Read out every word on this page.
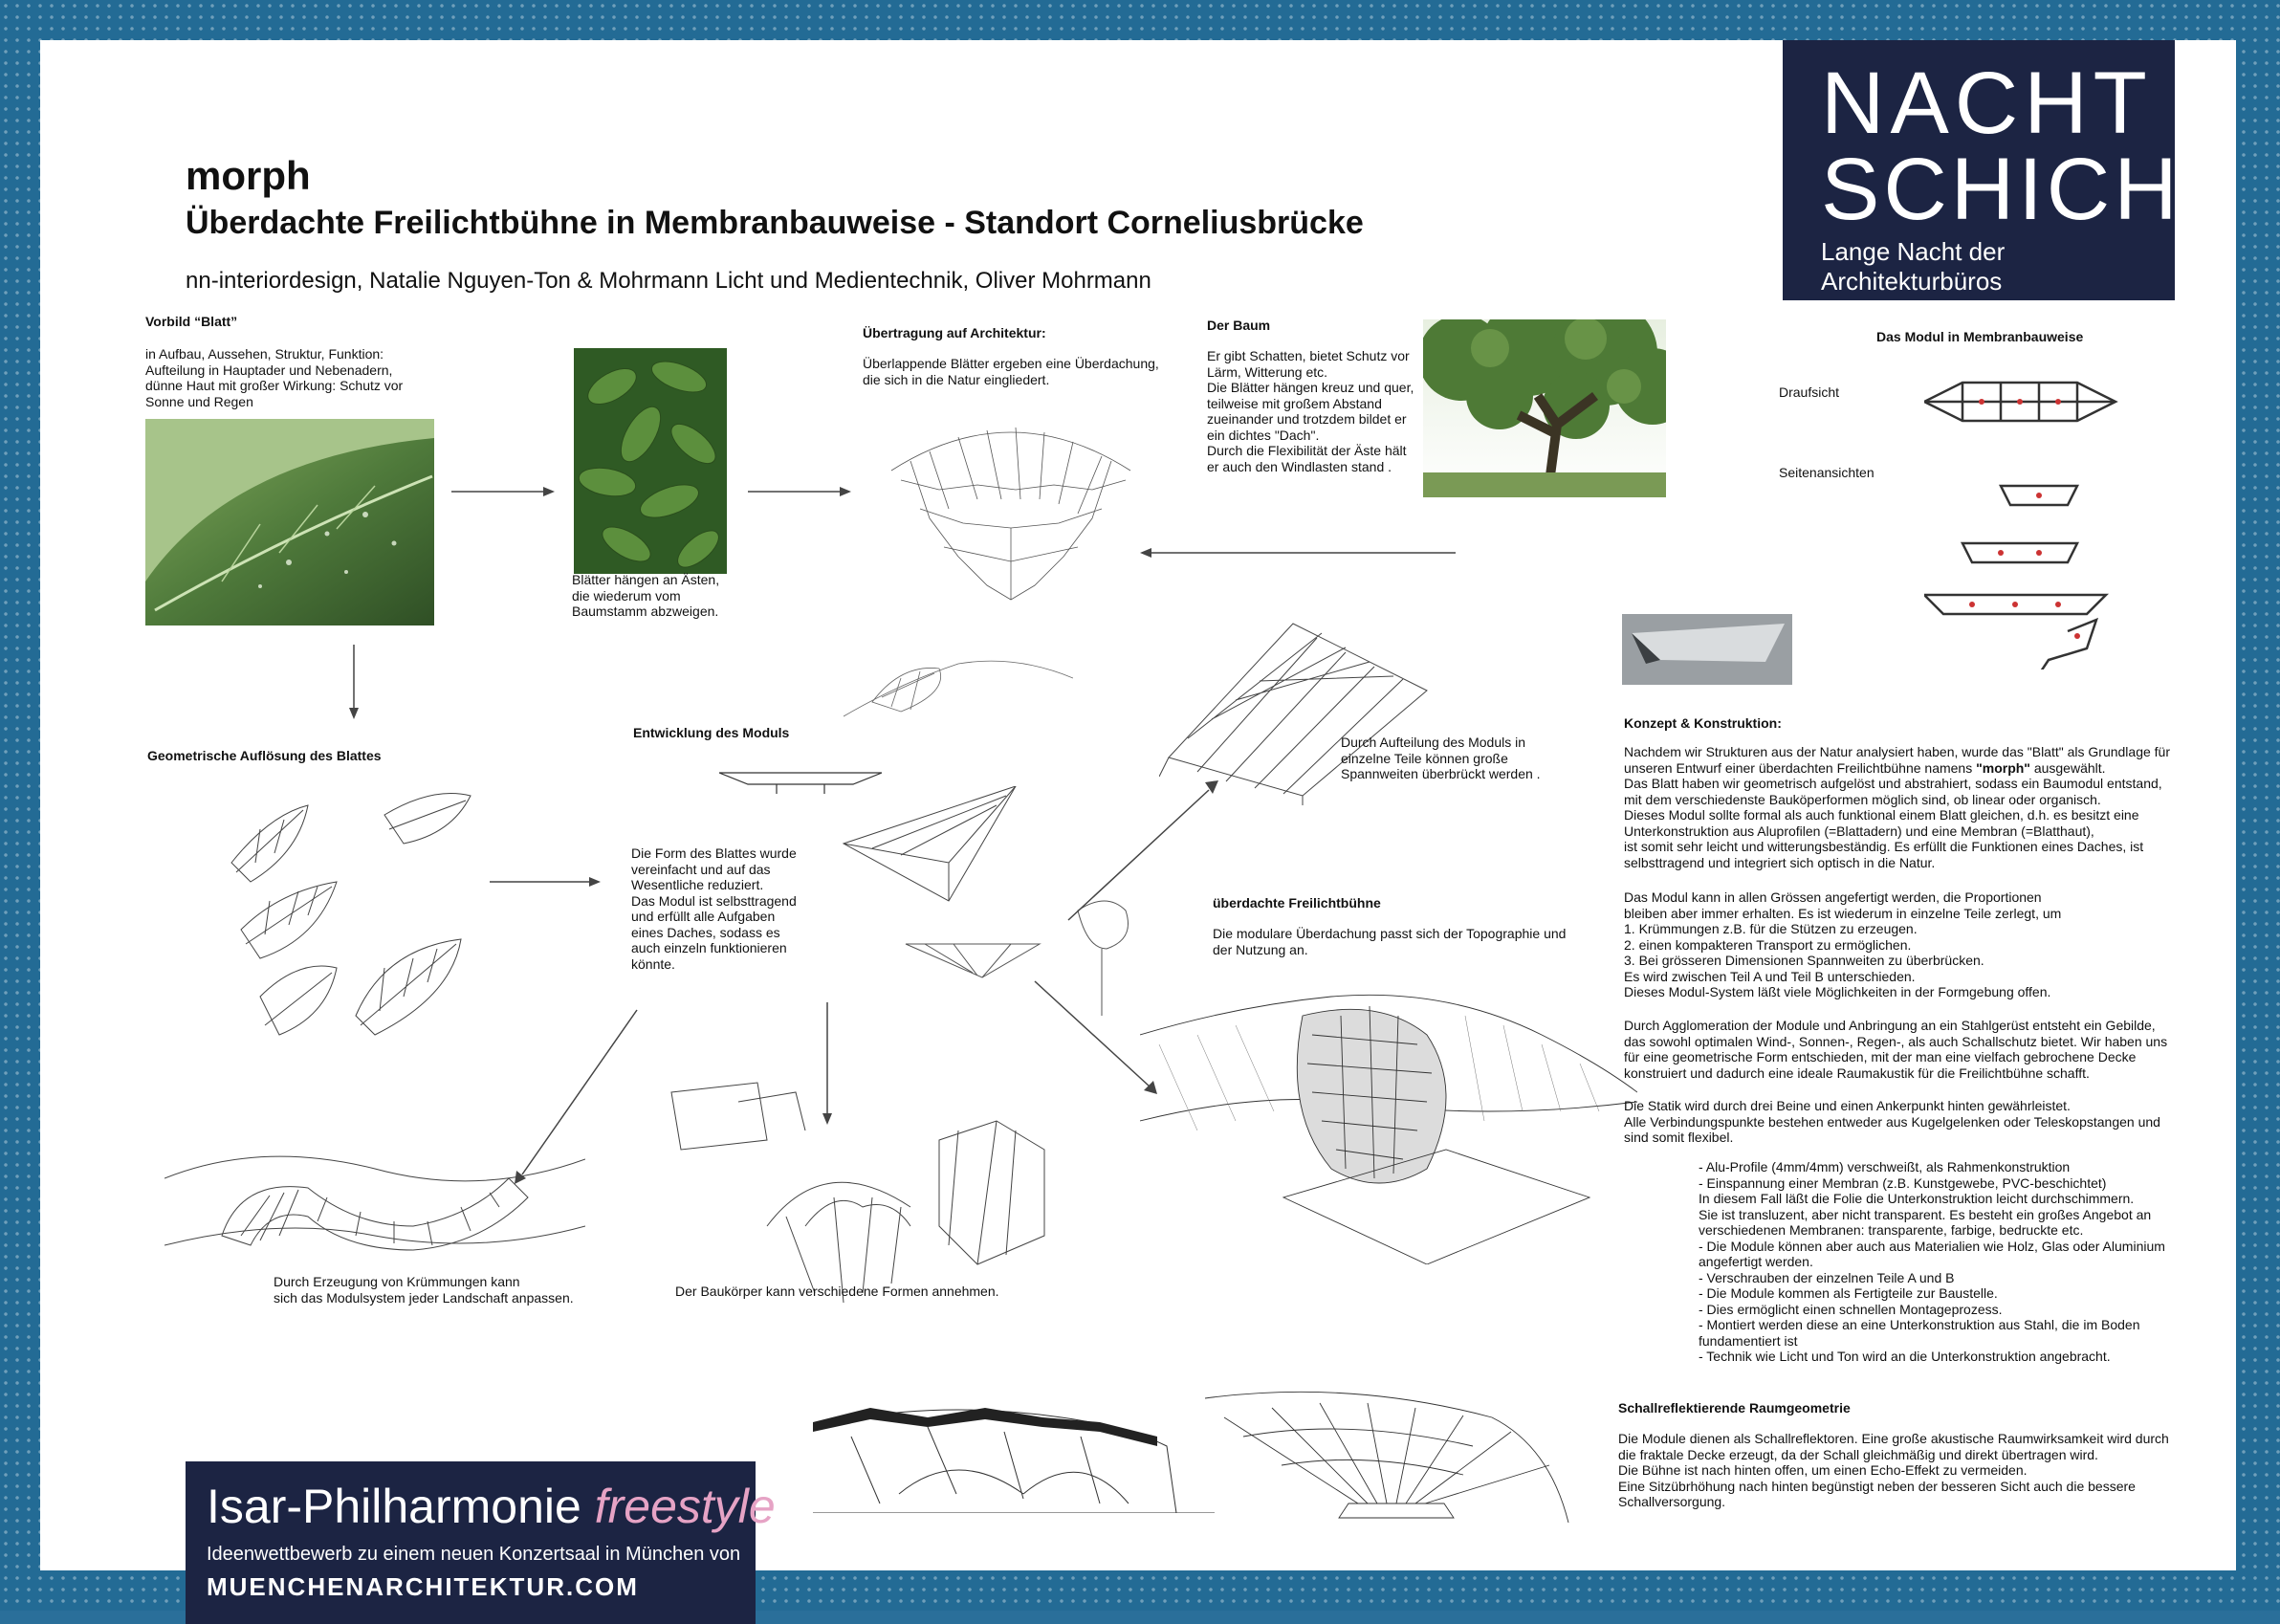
morph
Überdachte Freilichtbühne in Membranbauweise - Standort Corneliusbrücke
nn-interiordesign, Natalie Nguyen-Ton & Mohrmann Licht und Medientechnik, Oliver Mohrmann
NACHT
SCHICHT
Lange Nacht der Architekturbüros
Vorbild “Blatt”
in Aufbau, Aussehen, Struktur, Funktion:
Aufteilung in Hauptader und Nebenadern,
dünne Haut mit großer Wirkung: Schutz vor
Sonne und Regen
Blätter hängen an Ästen,
die wiederum vom
Baumstamm abzweigen.
Übertragung auf Architektur:
Überlappende Blätter ergeben eine Überdachung,
die sich in die Natur eingliedert.
Der Baum
Er gibt Schatten, bietet Schutz vor
Lärm, Witterung etc.
Die Blätter hängen kreuz und quer,
teilweise mit großem Abstand
zueinander und trotzdem bildet er
ein dichtes "Dach".
Durch die Flexibilität der Äste hält
er auch den Windlasten stand .
Das Modul in Membranbauweise
Draufsicht
Seitenansichten
Geometrische Auflösung des Blattes
Entwicklung des Moduls
Die Form des Blattes wurde
vereinfacht und auf das
Wesentliche reduziert.
Das Modul ist selbsttragend
und erfüllt alle Aufgaben
eines Daches, sodass es
auch einzeln funktionieren
könnte.
Durch Aufteilung des Moduls in
einzelne Teile können große
Spannweiten überbrückt werden .
überdachte Freilichtbühne
Die modulare Überdachung passt sich der Topographie und
der Nutzung an.
Durch Erzeugung von Krümmungen kann
sich das Modulsystem jeder Landschaft anpassen.	Der Baukörper kann verschiedene Formen annehmen.
Konzept & Konstruktion:
Nachdem wir Strukturen aus der Natur analysiert haben, wurde das "Blatt" als Grundlage für
unseren Entwurf einer überdachten Freilichtbühne namens "morph" ausgewählt.
Das Blatt haben wir geometrisch aufgelöst und abstrahiert, sodass ein Baumodul entstand,
mit dem verschiedenste Bauköperformen möglich sind, ob linear oder organisch.
Dieses Modul sollte formal als auch funktional einem Blatt gleichen, d.h. es besitzt eine
Unterkonstruktion aus Aluprofilen (=Blattadern) und eine Membran (=Blatthaut),
ist somit sehr leicht und witterungsbeständig. Es erfüllt die Funktionen eines Daches, ist
selbsttragend und integriert sich optisch in die Natur.
Das Modul kann in allen Grössen angefertigt werden, die Proportionen
bleiben aber immer erhalten. Es ist wiederum in einzelne Teile zerlegt, um
1. Krümmungen z.B. für die Stützen zu erzeugen.
2. einen kompakteren Transport zu ermöglichen.
3. Bei grösseren Dimensionen Spannweiten zu überbrücken.
Es wird zwischen Teil A und Teil B unterschieden.
Dieses Modul-System läßt viele Möglichkeiten in der Formgebung offen.
Durch Agglomeration der Module und Anbringung an ein Stahlgerüst entsteht ein Gebilde,
das sowohl optimalen Wind-, Sonnen-, Regen-, als auch Schallschutz bietet. Wir haben uns
für eine geometrische Form entschieden, mit der man eine vielfach gebrochene Decke
konstruiert und dadurch eine ideale Raumakustik für die Freilichtbühne schafft.
Die Statik wird durch drei Beine und einen Ankerpunkt hinten gewährleistet.
Alle Verbindungspunkte bestehen entweder aus Kugelgelenken oder Teleskopstangen und
sind somit flexibel.
- Alu-Profile (4mm/4mm) verschweißt, als Rahmenkonstruktion
- Einspannung einer Membran (z.B. Kunstgewebe, PVC-beschichtet)
In diesem Fall läßt die Folie die Unterkonstruktion leicht durchschimmern.
Sie ist transluzent, aber nicht transparent. Es besteht ein großes Angebot an
verschiedenen Membranen: transparente, farbige, bedruckte etc.
- Die Module können aber auch aus Materialien wie Holz, Glas oder Aluminium
angefertigt werden.
- Verschrauben der einzelnen Teile A und B
- Die Module kommen als Fertigteile zur Baustelle.
- Dies ermöglicht einen schnellen Montageprozess.
- Montiert werden diese an eine Unterkonstruktion aus Stahl, die im Boden
fundamentiert ist
- Technik wie Licht und Ton wird an die Unterkonstruktion angebracht.
Schallreflektierende Raumgeometrie
Die Module dienen als Schallreflektoren. Eine große akustische Raumwirksamkeit wird durch
die fraktale Decke erzeugt, da der Schall gleichmäßig und direkt übertragen wird.
Die Bühne ist nach hinten offen, um einen Echo-Effekt zu vermeiden.
Eine Sitzübrhöhung nach hinten begünstigt neben der besseren Sicht auch die bessere
Schallversorgung.
Isar-Philharmonie freestyle
Ideenwettbewerb zu einem neuen Konzertsaal in München von
MUENCHENARCHITEKTUR.COM
